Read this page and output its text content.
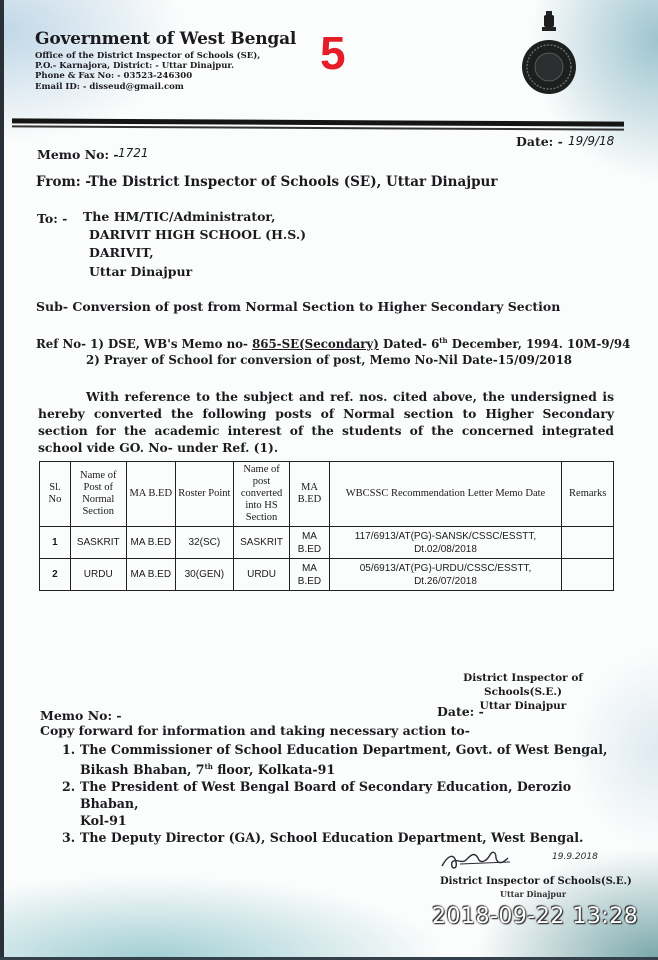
Government of West Bengal
Office of the District Inspector of Schools (SE),
P.O.- Karnajora, District: - Uttar Dinajpur.
Phone & Fax No: - 03523-246300
Email ID: - disseud@gmail.com
5
Memo No: - 1721
Date: - 19/9/18
From: -The District Inspector of Schools (SE), Uttar Dinajpur
To: - The HM/TIC/Administrator,
DARIVIT HIGH SCHOOL (H.S.)
DARIVIT,
Uttar Dinajpur
Sub- Conversion of post from Normal Section to Higher Secondary Section
Ref No- 1) DSE, WB's Memo no- 865-SE(Secondary) Dated- 6th December, 1994. 10M-9/94
2) Prayer of School for conversion of post, Memo No-Nil Date-15/09/2018
With reference to the subject and ref. nos. cited above, the undersigned is hereby converted the following posts of Normal section to Higher Secondary section for the academic interest of the students of the concerned integrated school vide GO. No- under Ref. (1).
Sl. No	Name of Post of Normal Section	MA B.ED	Roster Point	Name of post converted into HS Section	MA B.ED	WBCSSC Recommendation Letter Memo Date	Remarks
1	SASKRIT	MA B.ED	32(SC)	SASKRIT	MA B.ED	117/6913/AT(PG)-SANSK/CSSC/ESSTT, Dt.02/08/2018	
2	URDU	MA B.ED	30(GEN)	URDU	MA B.ED	05/6913/AT(PG)-URDU/CSSC/ESSTT, Dt.26/07/2018	
District Inspector of Schools(S.E.)
Uttar Dinajpur
Memo No: -	Date: -
Copy forward for information and taking necessary action to-
1. The Commissioner of School Education Department, Govt. of West Bengal,
Bikash Bhaban, 7th floor, Kolkata-91
2. The President of West Bengal Board of Secondary Education, Derozio Bhaban,
Kol-91
3. The Deputy Director (GA), School Education Department, West Bengal.
19.9.2018
District Inspector of Schools(S.E.)
Uttar Dinajpur
2018-09-22 13:28
